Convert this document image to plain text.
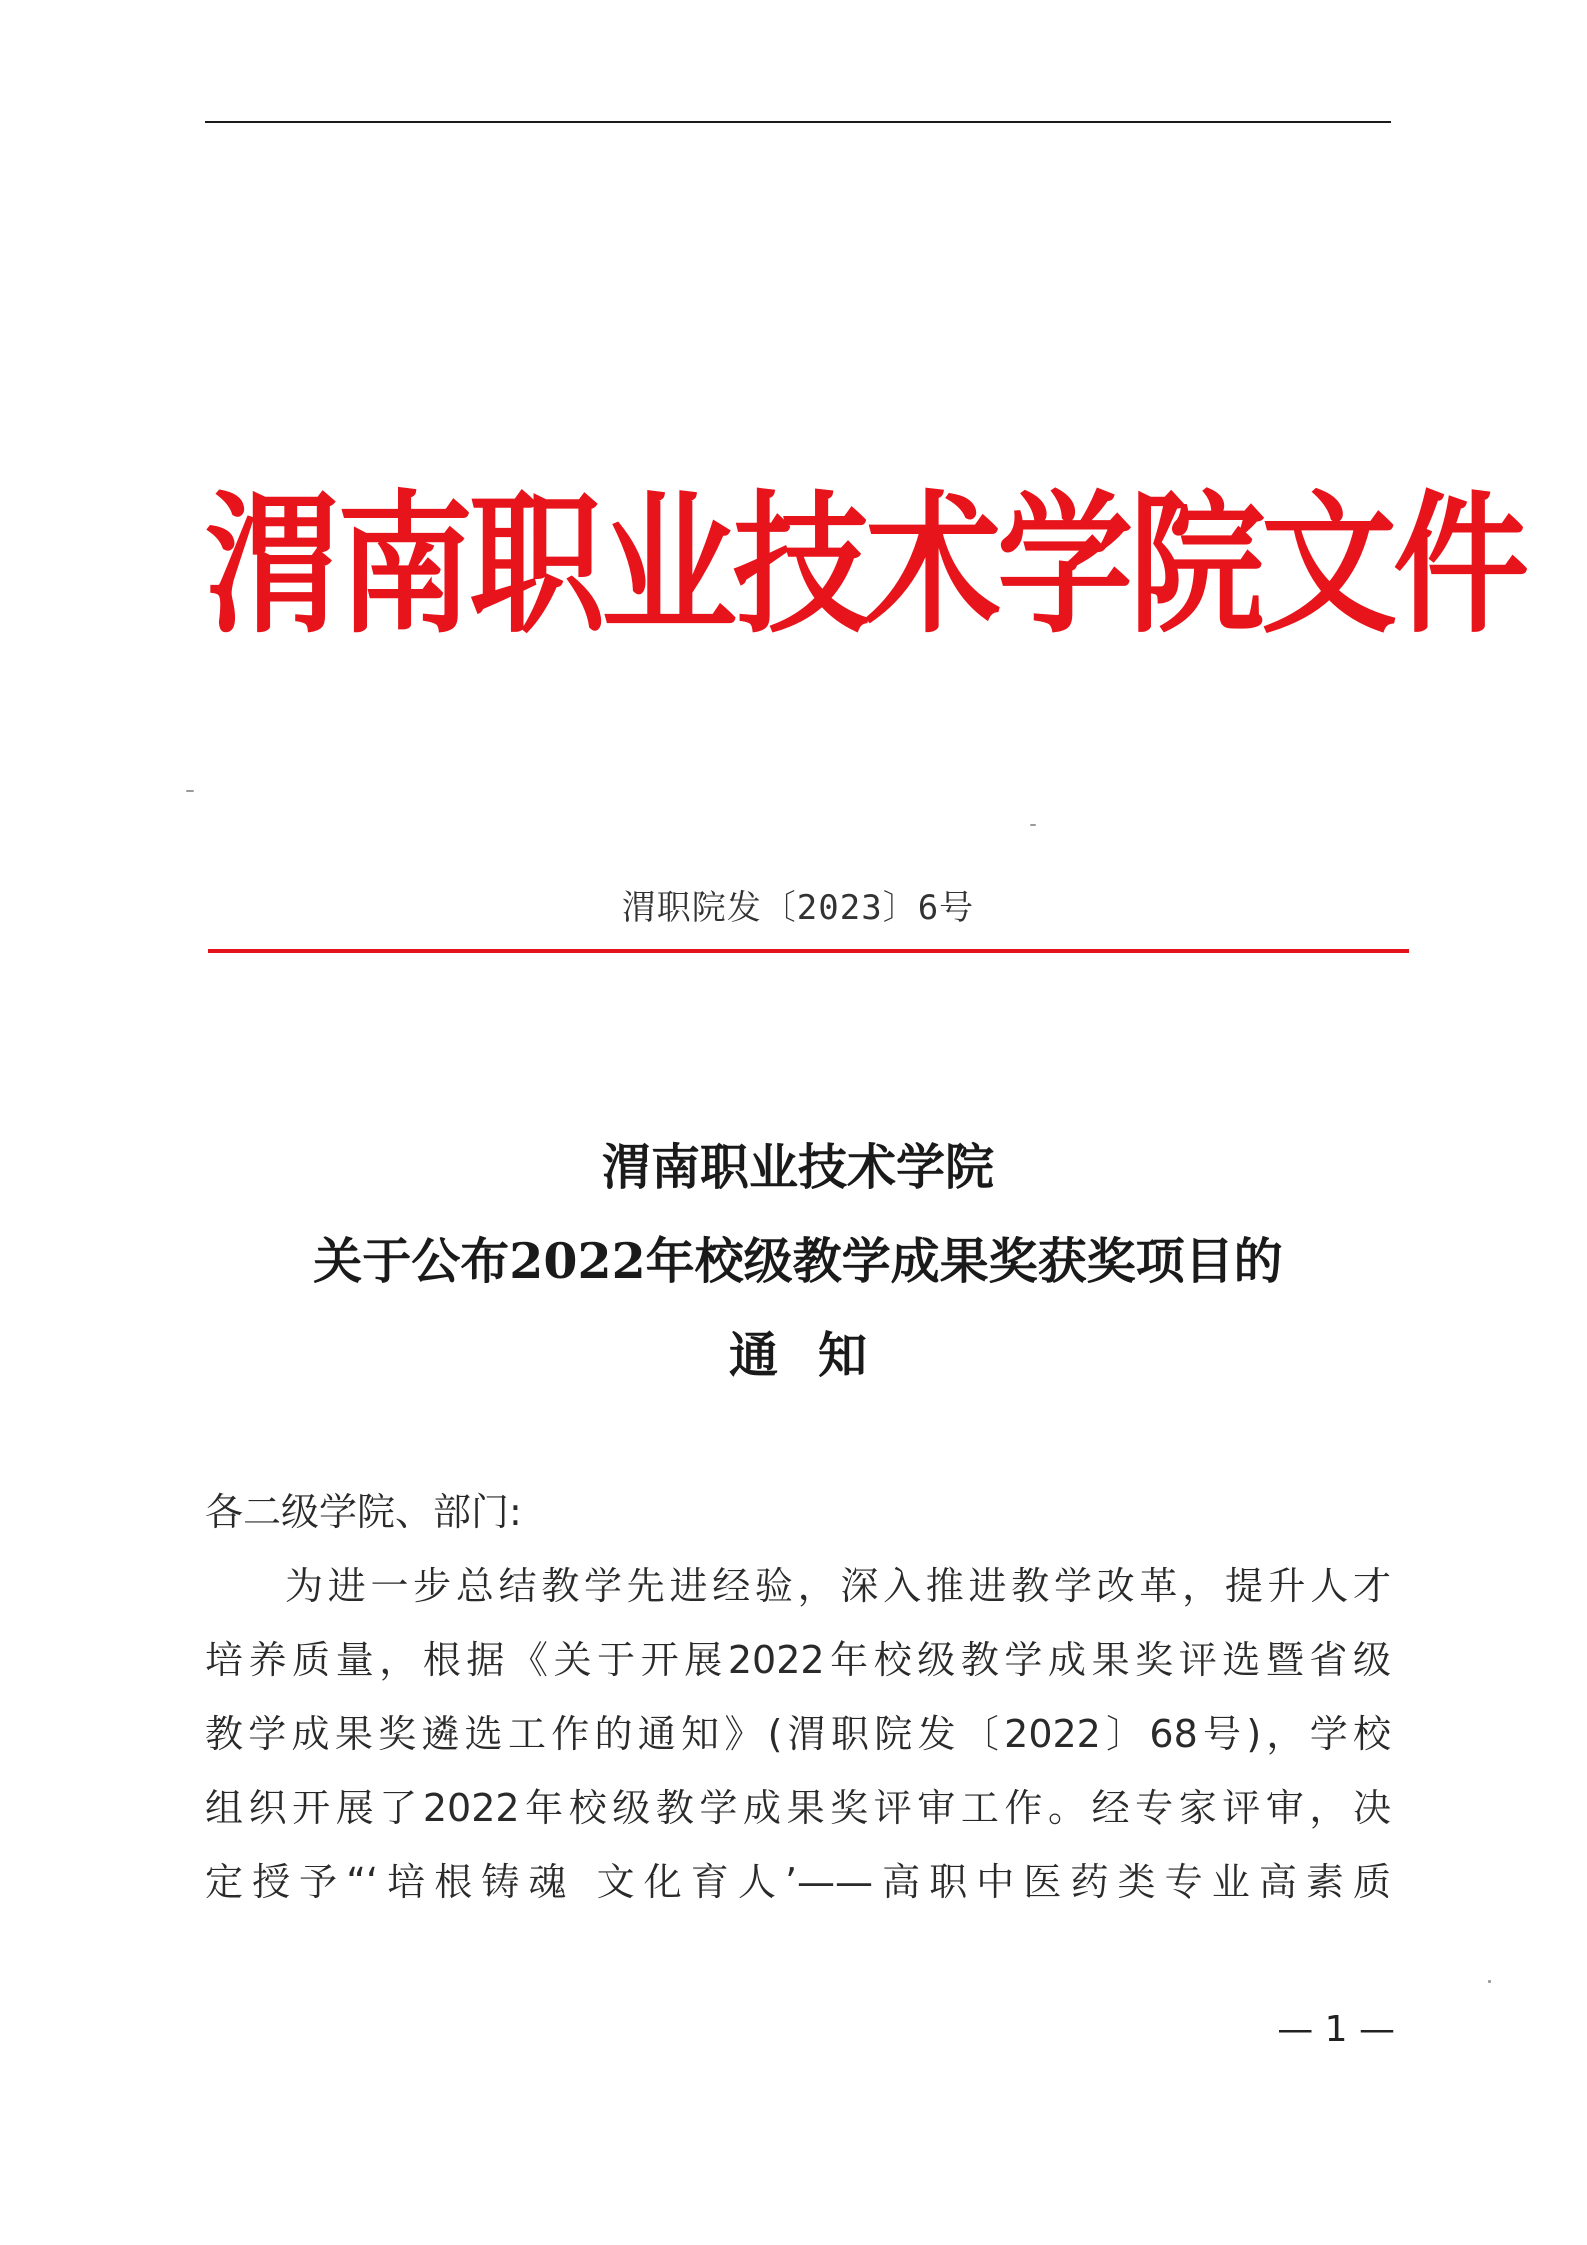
渭南职业技术学院文件
渭职院发〔2023〕6号
渭南职业技术学院
关于公布2022年校级教学成果奖获奖项目的
通知
各二级学院、部门:
为进一步总结教学先进经验，深入推进教学改革，提升人才
培养质量，根据《关于开展2022年校级教学成果奖评选暨省级
教学成果奖遴选工作的通知》(渭职院发〔2022〕68号)，学校
组织开展了2022年校级教学成果奖评审工作。经专家评审，决
定授予“‘培根铸魂 文化育人’——高职中医药类专业高素质
— 1 —
